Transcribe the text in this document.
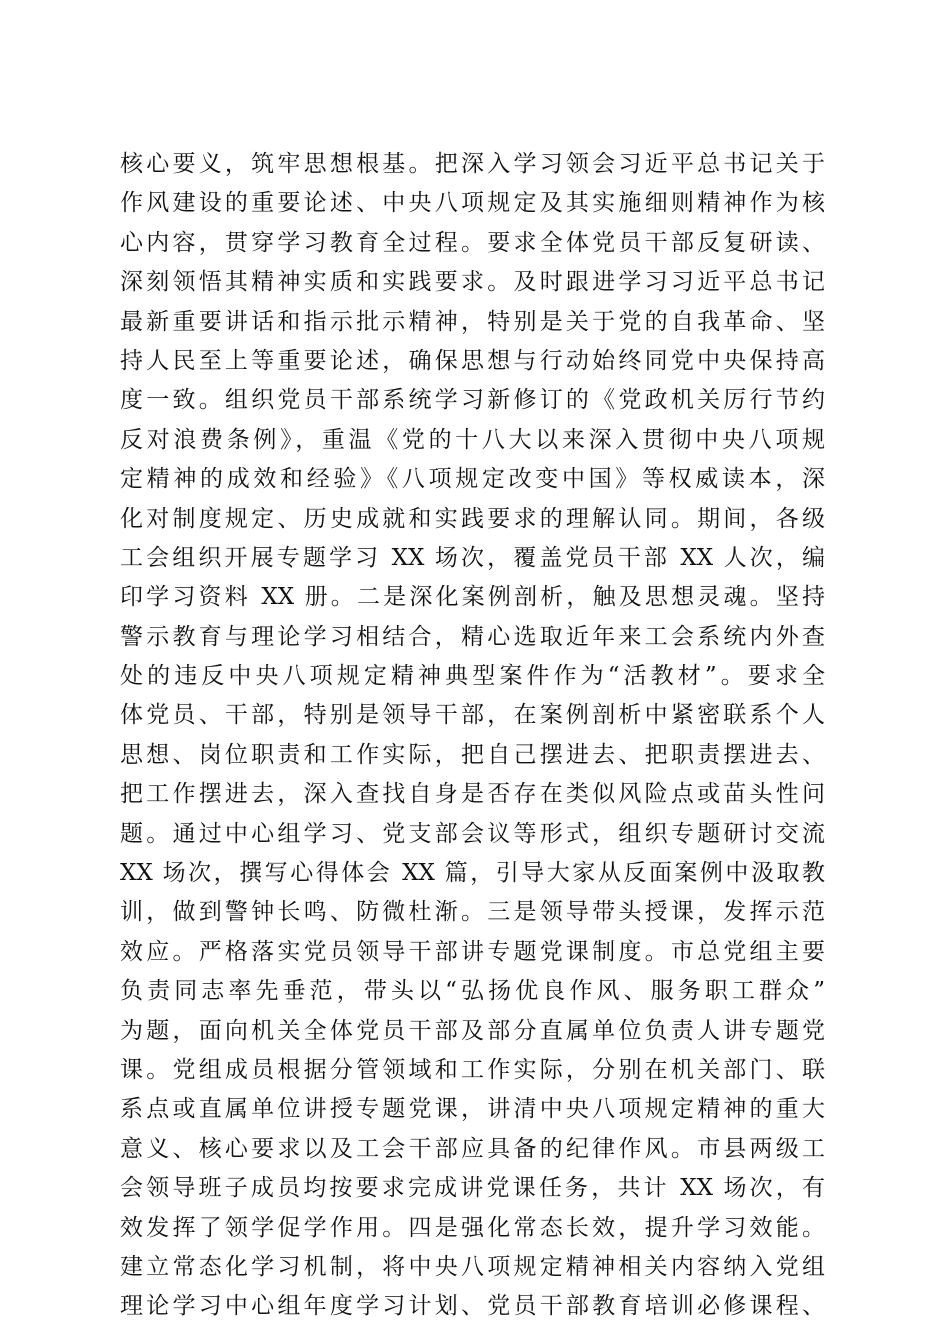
核心要义，筑牢思想根基。把深入学习领会习近平总书记关于
作风建设的重要论述、中央八项规定及其实施细则精神作为核
心内容，贯穿学习教育全过程。要求全体党员干部反复研读、
深刻领悟其精神实质和实践要求。及时跟进学习习近平总书记
最新重要讲话和指示批示精神，特别是关于党的自我革命、坚
持人民至上等重要论述，确保思想与行动始终同党中央保持高
度一致。组织党员干部系统学习新修订的《党政机关厉行节约
反对浪费条例》，重温《党的十八大以来深入贯彻中央八项规
定精神的成效和经验》《八项规定改变中国》等权威读本，深
化对制度规定、历史成就和实践要求的理解认同。期间，各级
工会组织开展专题学习 XX 场次，覆盖党员干部 XX 人次，编
印学习资料 XX 册。二是深化案例剖析，触及思想灵魂。坚持
警示教育与理论学习相结合，精心选取近年来工会系统内外查
处的违反中央八项规定精神典型案件作为“活教材”。要求全
体党员、干部，特别是领导干部，在案例剖析中紧密联系个人
思想、岗位职责和工作实际，把自己摆进去、把职责摆进去、
把工作摆进去，深入查找自身是否存在类似风险点或苗头性问
题。通过中心组学习、党支部会议等形式，组织专题研讨交流
XX 场次，撰写心得体会 XX 篇，引导大家从反面案例中汲取教
训，做到警钟长鸣、防微杜渐。三是领导带头授课，发挥示范
效应。严格落实党员领导干部讲专题党课制度。市总党组主要
负责同志率先垂范，带头以“弘扬优良作风、服务职工群众”
为题，面向机关全体党员干部及部分直属单位负责人讲专题党
课。党组成员根据分管领域和工作实际，分别在机关部门、联
系点或直属单位讲授专题党课，讲清中央八项规定精神的重大
意义、核心要求以及工会干部应具备的纪律作风。市县两级工
会领导班子成员均按要求完成讲党课任务，共计 XX 场次，有
效发挥了领学促学作用。四是强化常态长效，提升学习效能。
建立常态化学习机制，将中央八项规定精神相关内容纳入党组
理论学习中心组年度学习计划、党员干部教育培训必修课程、
